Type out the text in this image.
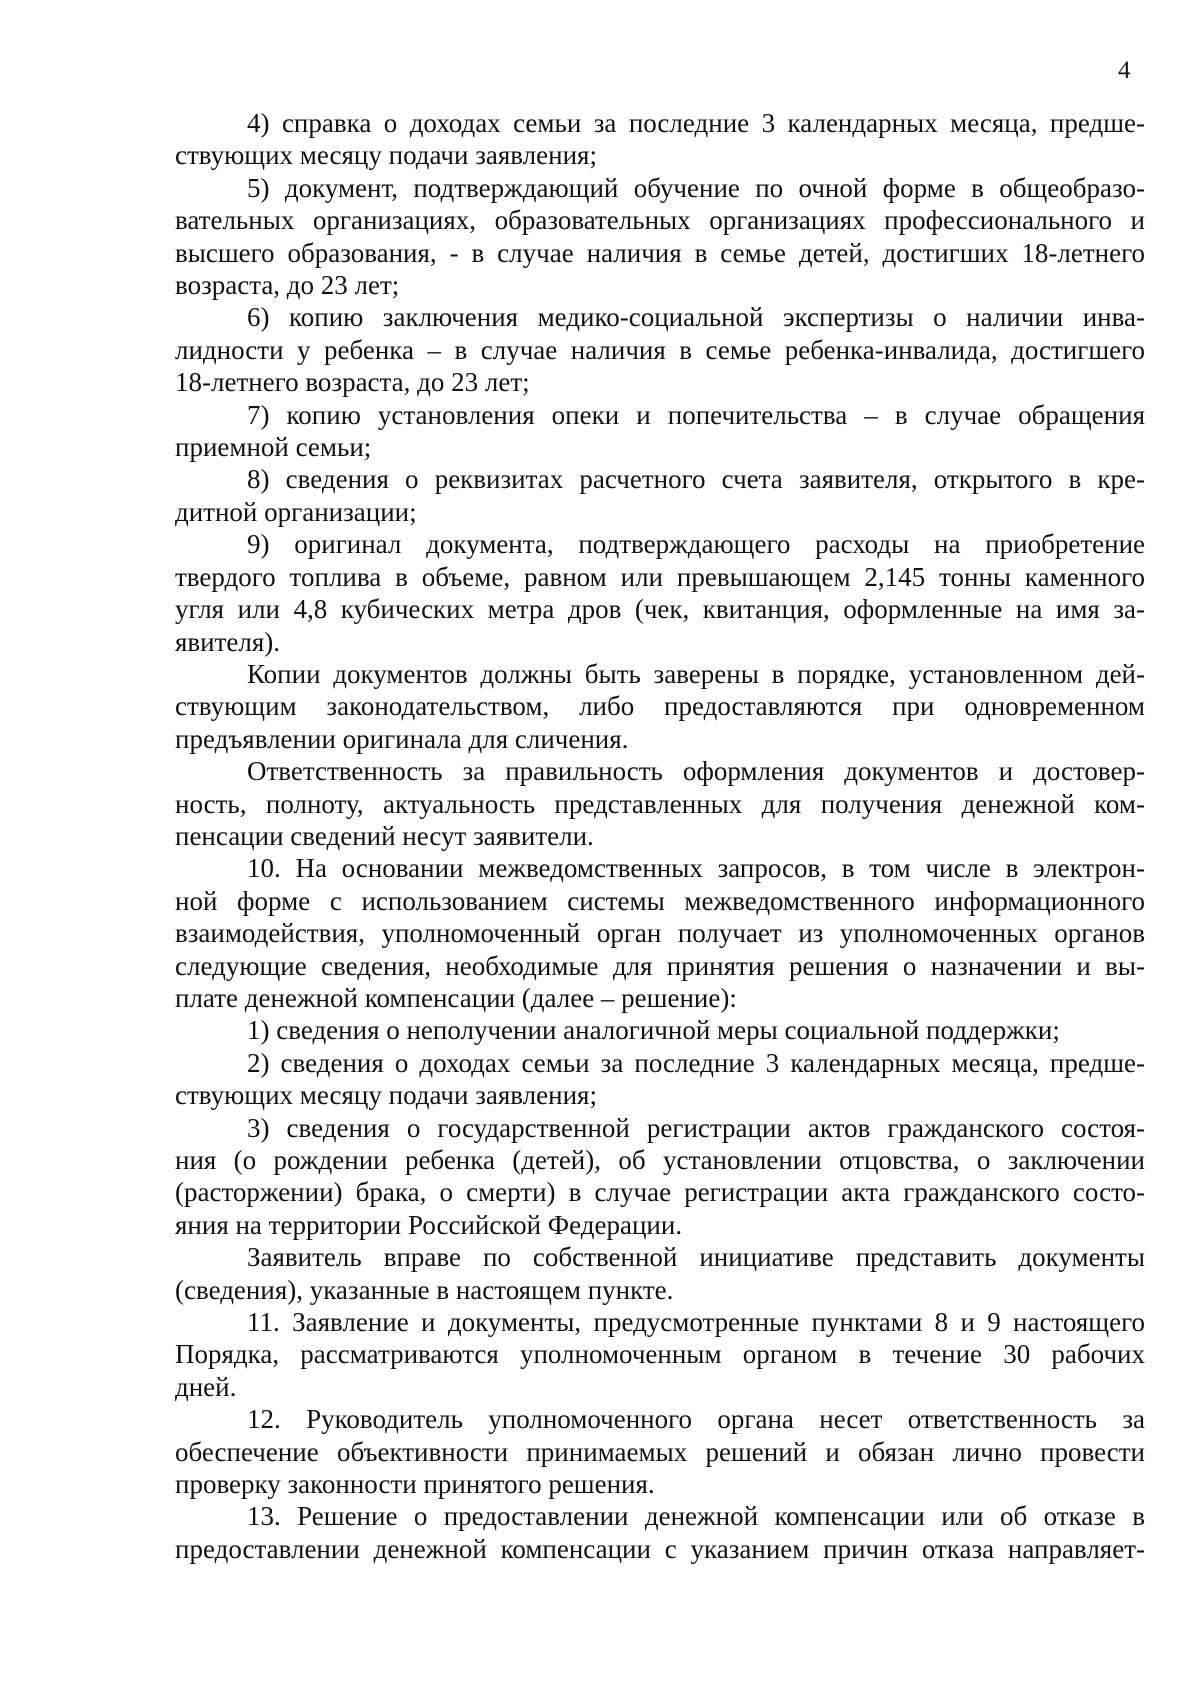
4
4) справка о доходах семьи за последние 3 календарных месяца, предше-
ствующих месяцу подачи заявления;
5) документ, подтверждающий обучение по очной форме в общеобразо-
вательных организациях, образовательных организациях профессионального и
высшего образования, - в случае наличия в семье детей, достигших 18-летнего
возраста, до 23 лет;
6) копию заключения медико-социальной экспертизы о наличии инва-
лидности у ребенка – в случае наличия в семье ребенка-инвалида, достигшего
18-летнего возраста, до 23 лет;
7) копию установления опеки и попечительства – в случае обращения
приемной семьи;
8) сведения о реквизитах расчетного счета заявителя, открытого в кре-
дитной организации;
9) оригинал документа, подтверждающего расходы на приобретение
твердого топлива в объеме, равном или превышающем 2,145 тонны каменного
угля или 4,8 кубических метра дров (чек, квитанция, оформленные на имя за-
явителя).
Копии документов должны быть заверены в порядке, установленном дей-
ствующим законодательством, либо предоставляются при одновременном
предъявлении оригинала для сличения.
Ответственность за правильность оформления документов и достовер-
ность, полноту, актуальность представленных для получения денежной ком-
пенсации сведений несут заявители.
10. На основании межведомственных запросов, в том числе в электрон-
ной форме с использованием системы межведомственного информационного
взаимодействия, уполномоченный орган получает из уполномоченных органов
следующие сведения, необходимые для принятия решения о назначении и вы-
плате денежной компенсации (далее – решение):
1) сведения о неполучении аналогичной меры социальной поддержки;
2) сведения о доходах семьи за последние 3 календарных месяца, предше-
ствующих месяцу подачи заявления;
3) сведения о государственной регистрации актов гражданского состоя-
ния (о рождении ребенка (детей), об установлении отцовства, о заключении
(расторжении) брака, о смерти) в случае регистрации акта гражданского состо-
яния на территории Российской Федерации.
Заявитель вправе по собственной инициативе представить документы
(сведения), указанные в настоящем пункте.
11. Заявление и документы, предусмотренные пунктами 8 и 9 настоящего
Порядка, рассматриваются уполномоченным органом в течение 30 рабочих
дней.
12. Руководитель уполномоченного органа несет ответственность за
обеспечение объективности принимаемых решений и обязан лично провести
проверку законности принятого решения.
13. Решение о предоставлении денежной компенсации или об отказе в
предоставлении денежной компенсации с указанием причин отказа направляет-
